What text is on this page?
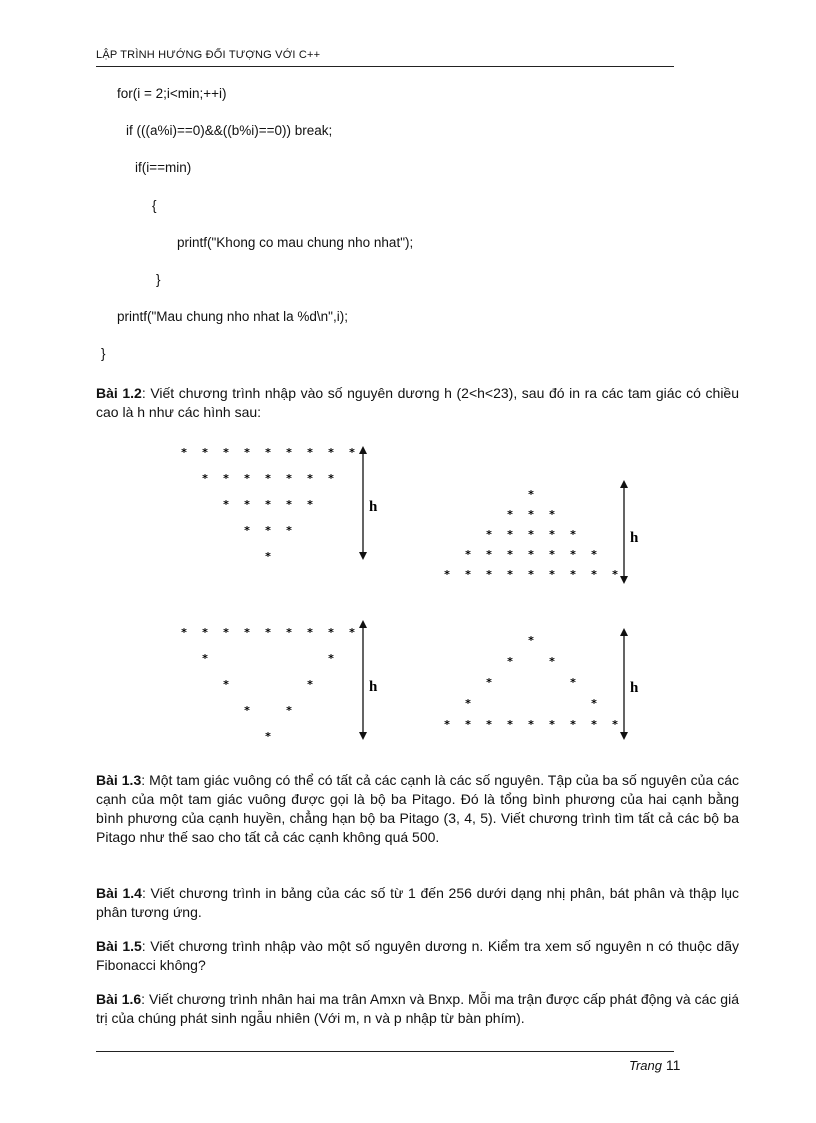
LẬP TRÌNH HƯỚNG ĐỐI TƯỢNG VỚI C++
for(i = 2;i<min;++i)
if (((a%i)==0)&&((b%i)==0)) break;
if(i==min)
{
printf("Khong co mau chung nho nhat");
}
printf("Mau chung nho nhat la %d\n",i);
}
Bài 1.2: Viết chương trình nhập vào số nguyên dương h (2<h<23), sau đó in ra các tam giác có chiều cao là h như các hình sau:
* * * * * * * * *
* * * * * * *
* * * * *
* * *
*
*
* * *
* * * * *
* * * * * * *
* * * * * * * * *
* * * * * * * * *
*	*
*	*
*	*
*
*
*	*
*	*
*	*
* * * * * * * * *
h
h
h	h
Bài 1.3: Một tam giác vuông có thể có tất cả các cạnh là các số nguyên. Tập của ba số nguyên của các cạnh của một tam giác vuông được gọi là bộ ba Pitago. Đó là tổng bình phương của hai cạnh bằng bình phương của cạnh huyền, chẳng hạn bộ ba Pitago (3, 4, 5). Viết chương trình tìm tất cả các bộ ba Pitago như thế sao cho tất cả các cạnh không quá 500.
Bài 1.4: Viết chương trình in bảng của các số từ 1 đến 256 dưới dạng nhị phân, bát phân và thập lục phân tương ứng.
Bài 1.5: Viết chương trình nhập vào một số nguyên dương n. Kiểm tra xem số nguyên n có thuộc dãy Fibonacci không?
Bài 1.6: Viết chương trình nhân hai ma trân Amxn và Bnxp. Mỗi ma trận được cấp phát động và các giá trị của chúng phát sinh ngẫu nhiên (Với m, n và p nhập từ bàn phím).
Trang 11
